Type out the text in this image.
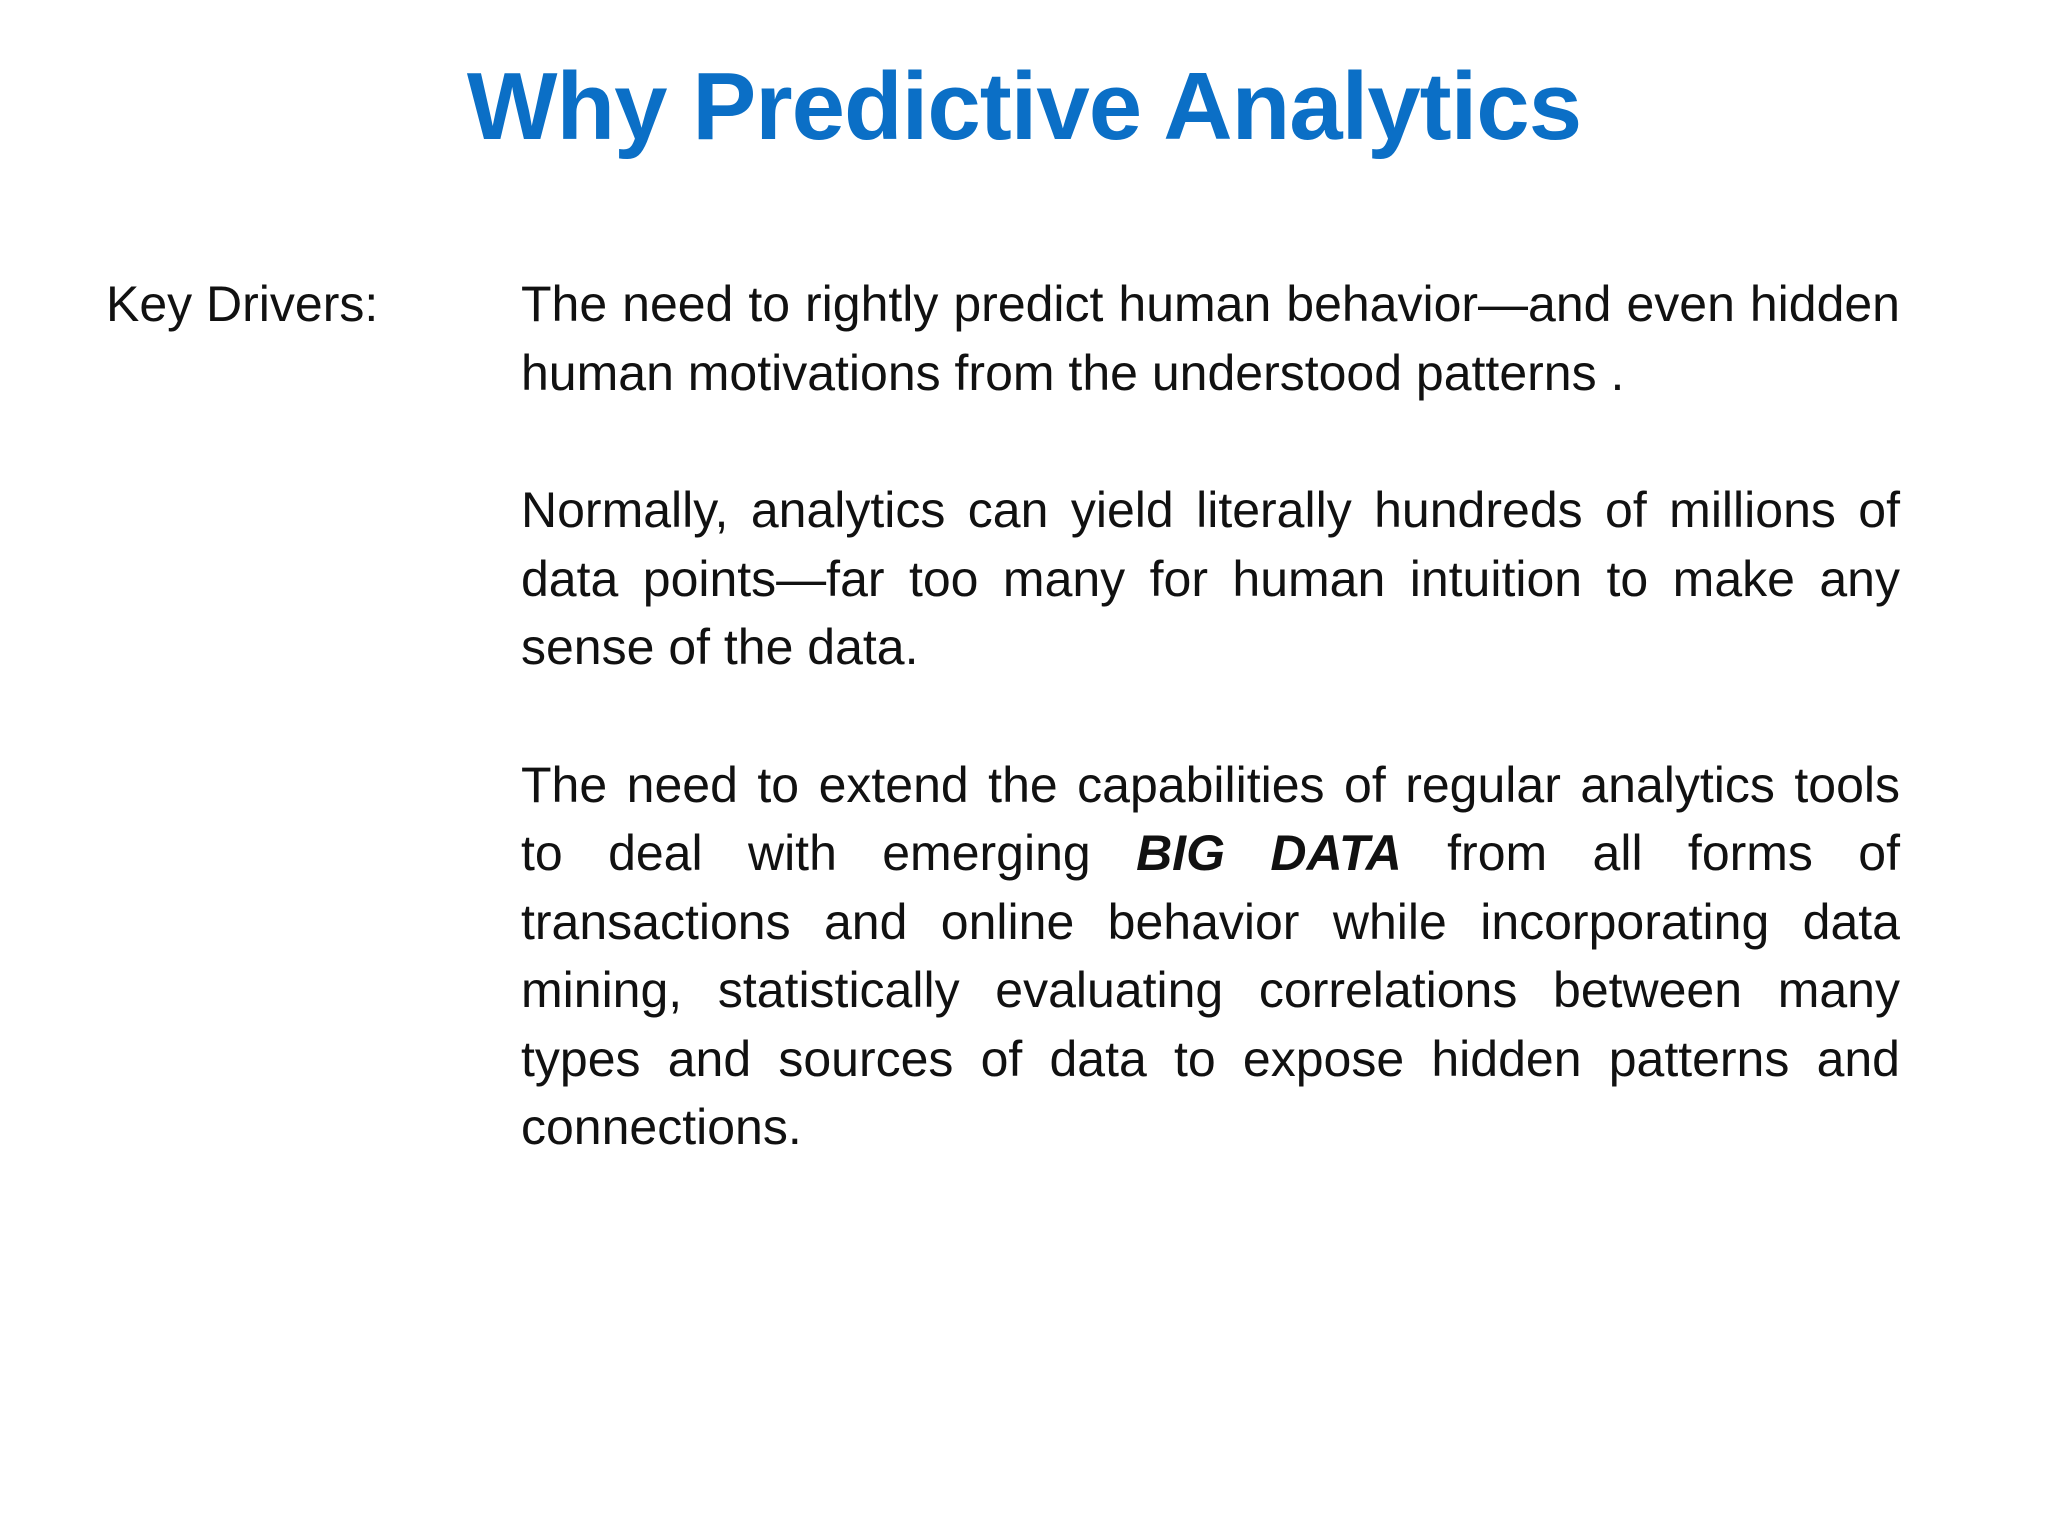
Why Predictive Analytics
Key Drivers:	The need to rightly predict human behavior—and even hidden human motivations from the understood patterns .

Normally, analytics can yield literally hundreds of millions of data points—far too many for human intuition to make any sense of the data.

The need to extend the capabilities of regular analytics tools to deal with emerging BIG DATA from all forms of transactions and online behavior while incorporating data mining, statistically evaluating correlations between many types and sources of data to expose hidden patterns and connections.
